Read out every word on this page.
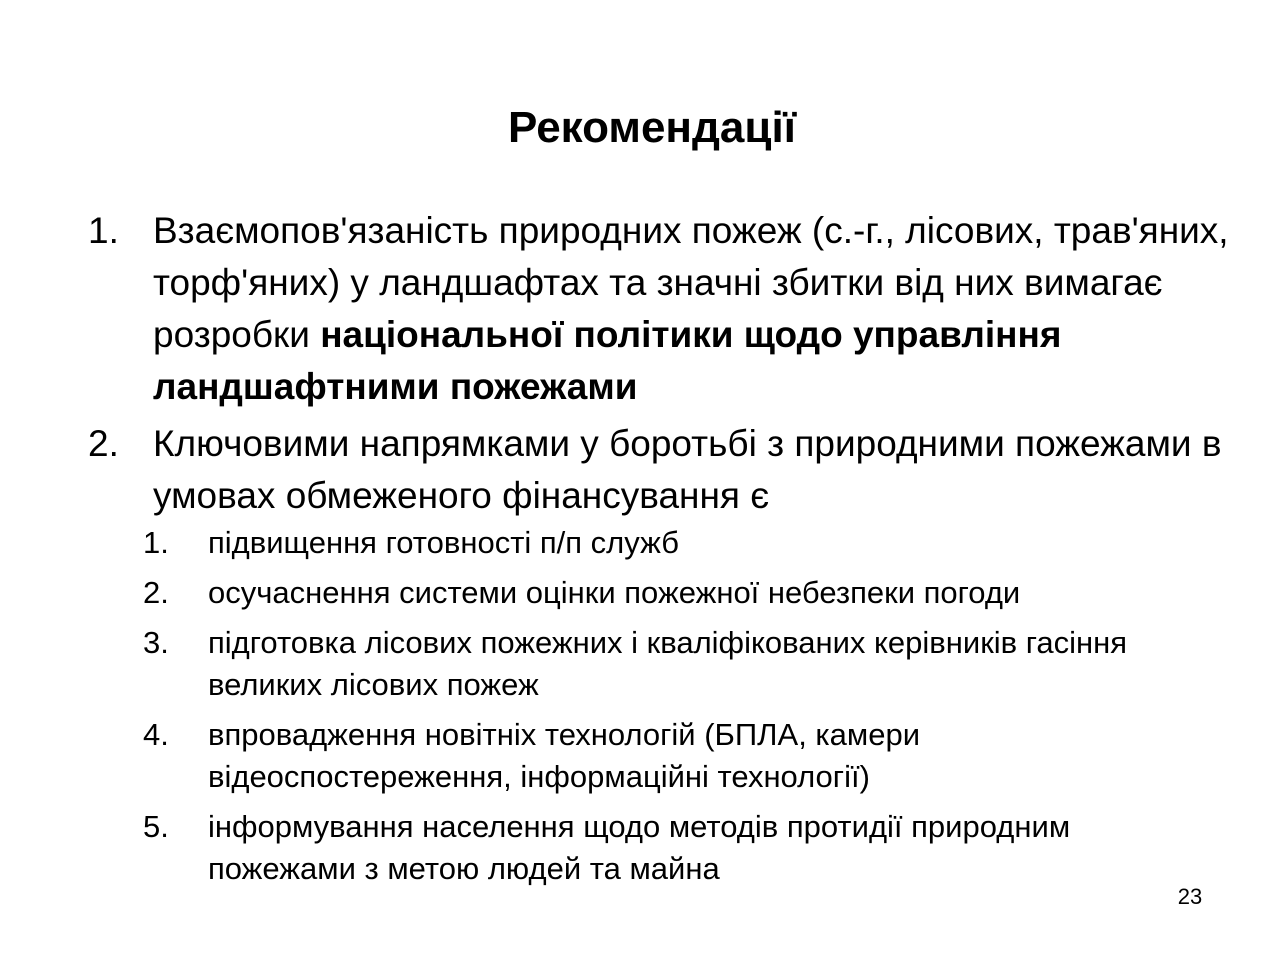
Рекомендації
1. Взаємопов'язаність природних пожеж (с.-г., лісових, трав'яних, торф'яних) у ландшафтах та значні збитки від них вимагає розробки національної політики щодо управління ландшафтними пожежами
2. Ключовими напрямками у боротьбі з природними пожежами в умовах обмеженого фінансування є
1. підвищення готовності п/п служб
2. осучаснення системи оцінки пожежної небезпеки погоди
3. підготовка лісових пожежних і кваліфікованих керівників гасіння великих лісових пожеж
4. впровадження новітніх технологій (БПЛА, камери відеоспостереження, інформаційні технології)
5. інформування населення щодо методів протидії природним пожежами з метою людей та майна
23
